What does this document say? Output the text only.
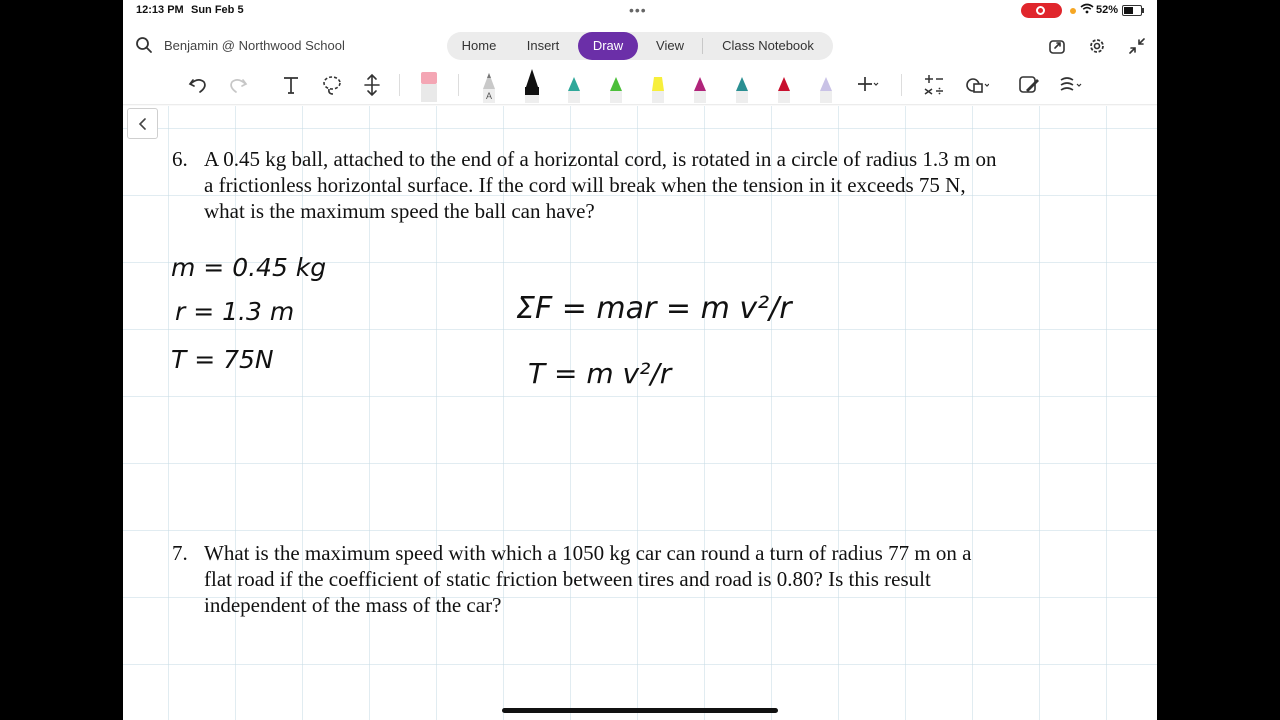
12:13 PM Sun Feb 5	•••	52%
Benjamin @ Northwood School	Home	Insert	Draw	View	Class Notebook
A
6. A 0.45 kg ball, attached to the end of a horizontal cord, is rotated in a circle of radius 1.3 m on
a frictionless horizontal surface. If the cord will break when the tension in it exceeds 75 N,
what is the maximum speed the ball can have?
7. What is the maximum speed with which a 1050 kg car can round a turn of radius 77 m on a
flat road if the coefficient of static friction between tires and road is 0.80? Is this result
independent of the mass of the car?
m = 0.45 kg
r = 1.3 m
T = 75N
ΣF = mar = m v²/r
T = m v²/r
